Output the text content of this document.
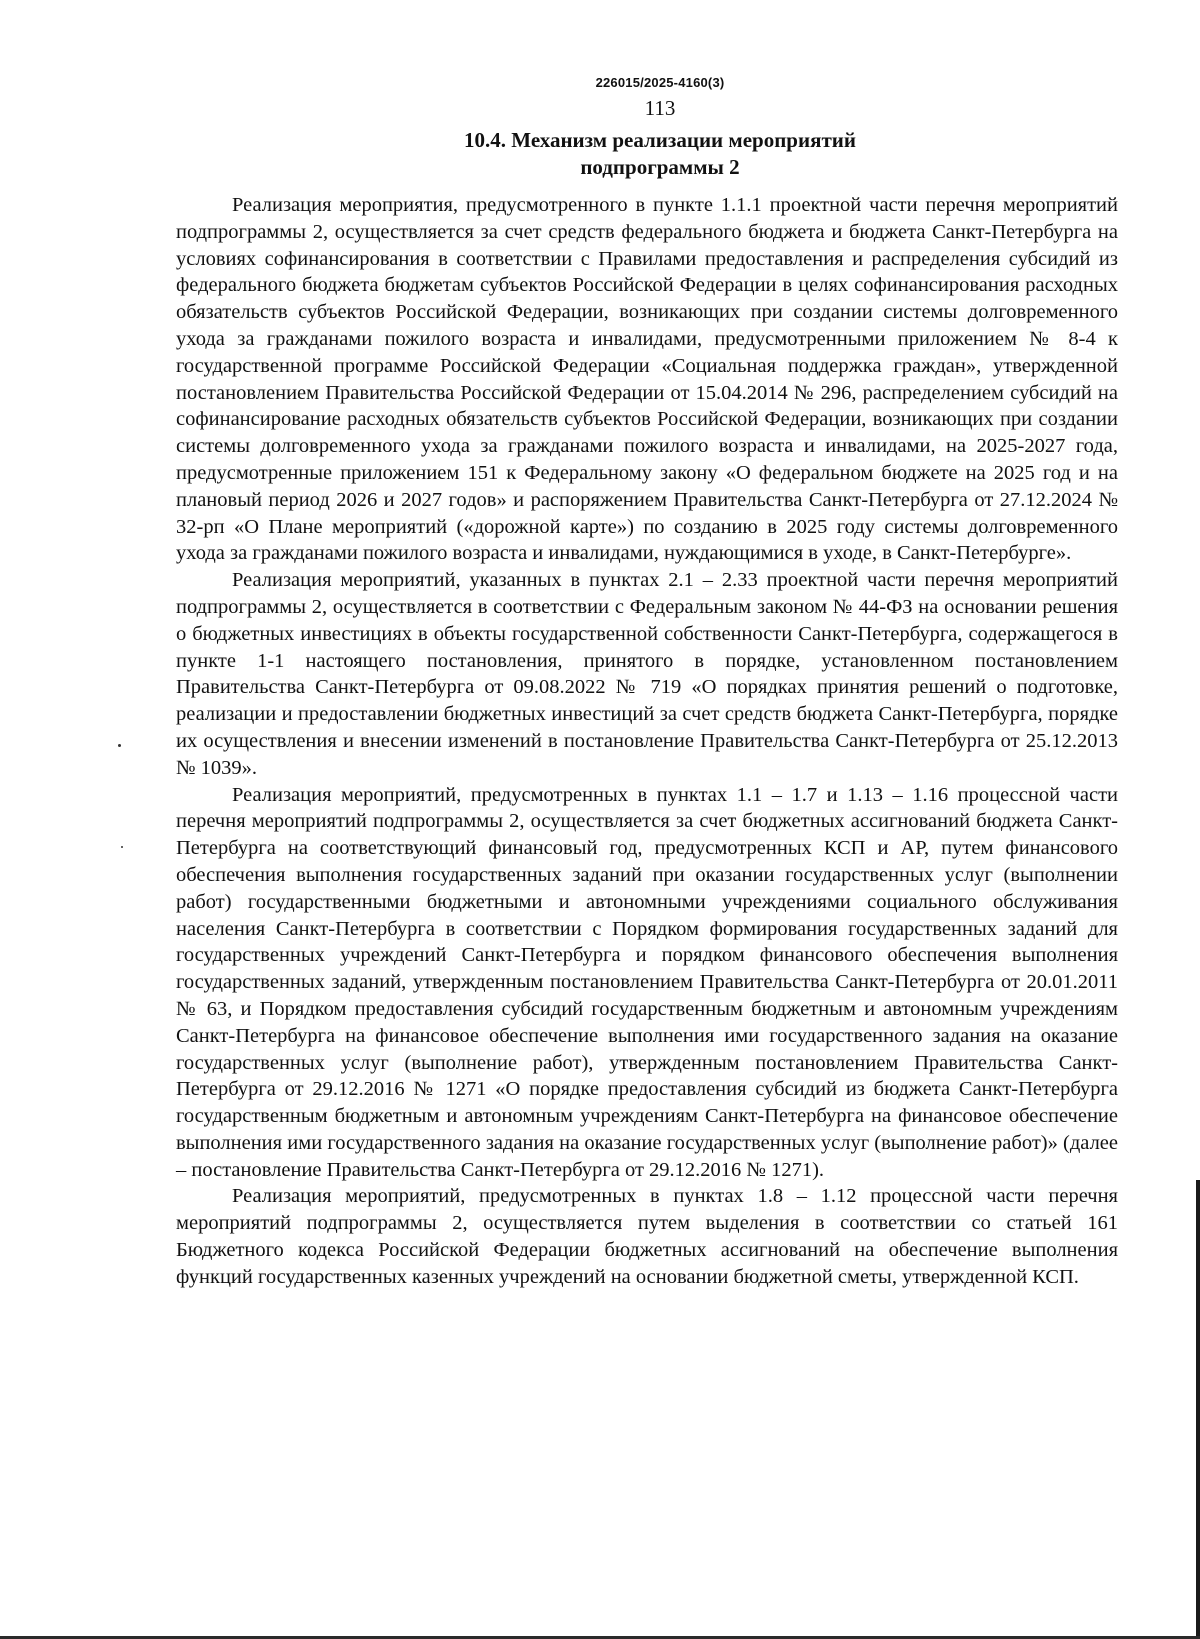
226015/2025-4160(3)
113
10.4. Механизм реализации мероприятий
подпрограммы 2

Реализация мероприятия, предусмотренного в пункте 1.1.1 проектной части перечня мероприятий подпрограммы 2, осуществляется за счет средств федерального бюджета и бюджета Санкт-Петербурга на условиях софинансирования в соответствии с Правилами предоставления и распределения субсидий из федерального бюджета бюджетам субъектов Российской Федерации в целях софинансирования расходных обязательств субъектов Российской Федерации, возникающих при создании системы долговременного ухода за гражданами пожилого возраста и инвалидами, предусмотренными приложением № 8-4 к государственной программе Российской Федерации «Социальная поддержка граждан», утвержденной постановлением Правительства Российской Федерации от 15.04.2014 № 296, распределением субсидий на софинансирование расходных обязательств субъектов Российской Федерации, возникающих при создании системы долговременного ухода за гражданами пожилого возраста и инвалидами, на 2025-2027 года, предусмотренные приложением 151 к Федеральному закону «О федеральном бюджете на 2025 год и на плановый период 2026 и 2027 годов» и распоряжением Правительства Санкт-Петербурга от 27.12.2024 № 32-рп «О Плане мероприятий («дорожной карте») по созданию в 2025 году системы долговременного ухода за гражданами пожилого возраста и инвалидами, нуждающимися в уходе, в Санкт-Петербурге».

Реализация мероприятий, указанных в пунктах 2.1 – 2.33 проектной части перечня мероприятий подпрограммы 2, осуществляется в соответствии с Федеральным законом № 44-ФЗ на основании решения о бюджетных инвестициях в объекты государственной собственности Санкт-Петербурга, содержащегося в пункте 1-1 настоящего постановления, принятого в порядке, установленном постановлением Правительства Санкт-Петербурга от 09.08.2022 № 719 «О порядках принятия решений о подготовке, реализации и предоставлении бюджетных инвестиций за счет средств бюджета Санкт-Петербурга, порядке их осуществления и внесении изменений в постановление Правительства Санкт-Петербурга от 25.12.2013 № 1039».

Реализация мероприятий, предусмотренных в пунктах 1.1 – 1.7 и 1.13 – 1.16 процессной части перечня мероприятий подпрограммы 2, осуществляется за счет бюджетных ассигнований бюджета Санкт-Петербурга на соответствующий финансовый год, предусмотренных КСП и АР, путем финансового обеспечения выполнения государственных заданий при оказании государственных услуг (выполнении работ) государственными бюджетными и автономными учреждениями социального обслуживания населения Санкт-Петербурга в соответствии с Порядком формирования государственных заданий для государственных учреждений Санкт-Петербурга и порядком финансового обеспечения выполнения государственных заданий, утвержденным постановлением Правительства Санкт-Петербурга от 20.01.2011 № 63, и Порядком предоставления субсидий государственным бюджетным и автономным учреждениям Санкт-Петербурга на финансовое обеспечение выполнения ими государственного задания на оказание государственных услуг (выполнение работ), утвержденным постановлением Правительства Санкт-Петербурга от 29.12.2016 № 1271 «О порядке предоставления субсидий из бюджета Санкт-Петербурга государственным бюджетным и автономным учреждениям Санкт-Петербурга на финансовое обеспечение выполнения ими государственного задания на оказание государственных услуг (выполнение работ)» (далее – постановление Правительства Санкт-Петербурга от 29.12.2016 № 1271).

Реализация мероприятий, предусмотренных в пунктах 1.8 – 1.12 процессной части перечня мероприятий подпрограммы 2, осуществляется путем выделения в соответствии со статьей 161 Бюджетного кодекса Российской Федерации бюджетных ассигнований на обеспечение выполнения функций государственных казенных учреждений на основании бюджетной сметы, утвержденной КСП.
